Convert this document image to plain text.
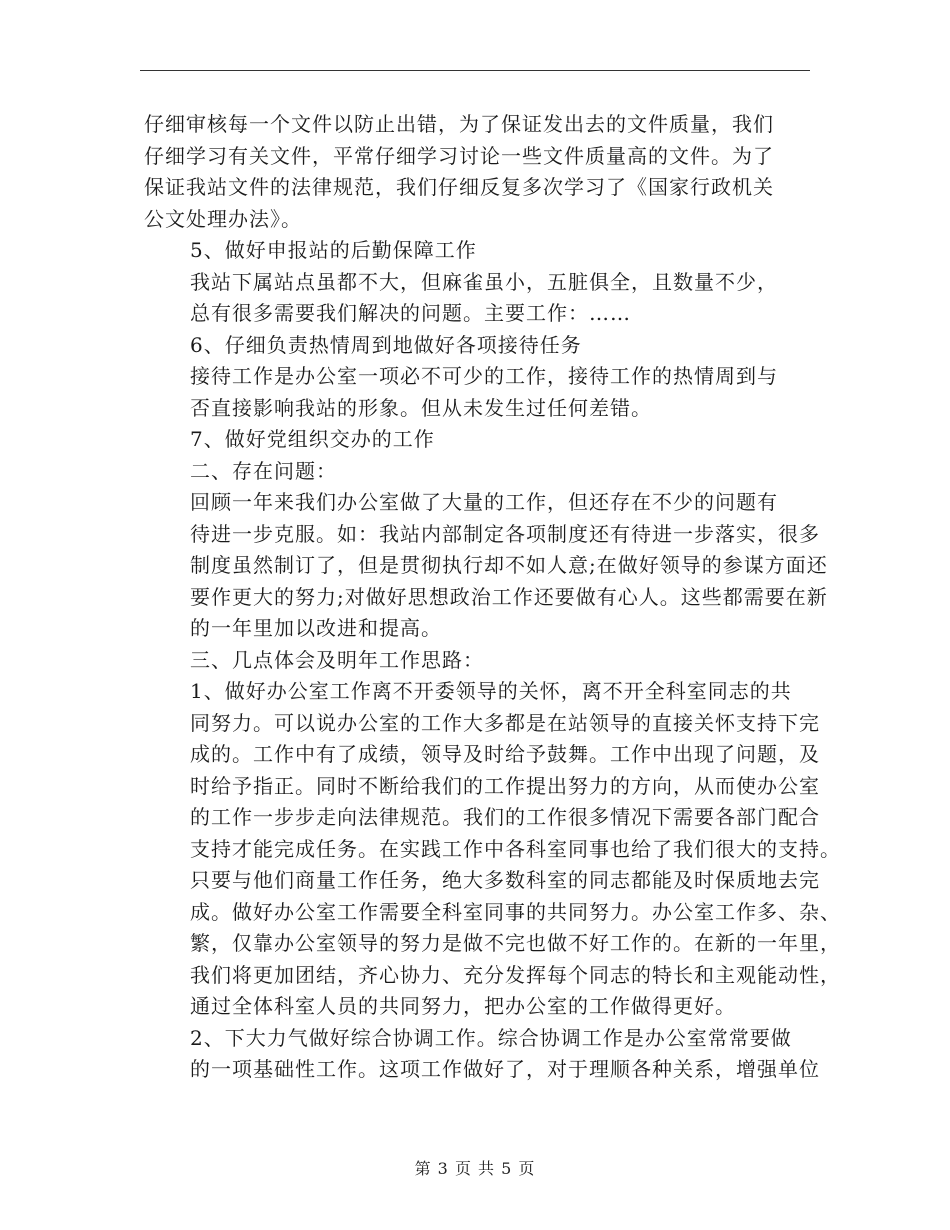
仔细审核每一个文件以防止出错，为了保证发出去的文件质量，我们
仔细学习有关文件，平常仔细学习讨论一些文件质量高的文件。为了
保证我站文件的法律规范，我们仔细反复多次学习了《国家行政机关
公文处理办法》。
5、做好申报站的后勤保障工作
我站下属站点虽都不大，但麻雀虽小，五脏俱全，且数量不少，
总有很多需要我们解决的问题。主要工作：……
6、仔细负责热情周到地做好各项接待任务
接待工作是办公室一项必不可少的工作，接待工作的热情周到与
否直接影响我站的形象。但从未发生过任何差错。
7、做好党组织交办的工作
二、存在问题：
回顾一年来我们办公室做了大量的工作，但还存在不少的问题有
待进一步克服。如：我站内部制定各项制度还有待进一步落实，很多
制度虽然制订了，但是贯彻执行却不如人意;在做好领导的参谋方面还
要作更大的努力;对做好思想政治工作还要做有心人。这些都需要在新
的一年里加以改进和提高。
三、几点体会及明年工作思路：
1、做好办公室工作离不开委领导的关怀，离不开全科室同志的共
同努力。可以说办公室的工作大多都是在站领导的直接关怀支持下完
成的。工作中有了成绩，领导及时给予鼓舞。工作中出现了问题，及
时给予指正。同时不断给我们的工作提出努力的方向，从而使办公室
的工作一步步走向法律规范。我们的工作很多情况下需要各部门配合
支持才能完成任务。在实践工作中各科室同事也给了我们很大的支持。
只要与他们商量工作任务，绝大多数科室的同志都能及时保质地去完
成。做好办公室工作需要全科室同事的共同努力。办公室工作多、杂、
繁，仅靠办公室领导的努力是做不完也做不好工作的。在新的一年里，
我们将更加团结，齐心协力、充分发挥每个同志的特长和主观能动性，
通过全体科室人员的共同努力，把办公室的工作做得更好。
2、下大力气做好综合协调工作。综合协调工作是办公室常常要做
的一项基础性工作。这项工作做好了，对于理顺各种关系，增强单位
第 3 页 共 5 页
